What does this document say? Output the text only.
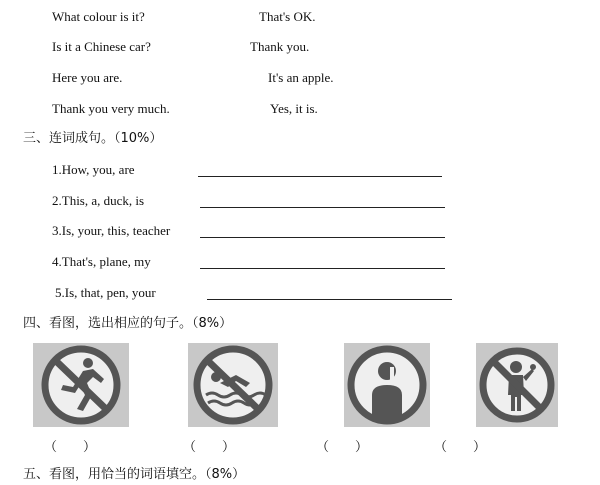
What colour is it?	That's OK.
Is it a Chinese car?	Thank you.
Here you are.	It's an apple.
Thank you very much.	Yes, it is.
三、连词成句。（10%）
1.How, you, are
2.This, a, duck, is
3.Is, your, this, teacher
4.That's, plane, my
5.Is, that, pen, your
四、看图，选出相应的句子。（8%）
（　　）	（　　）	（　　）	（　　）
五、看图，用恰当的词语填空。（8%）
